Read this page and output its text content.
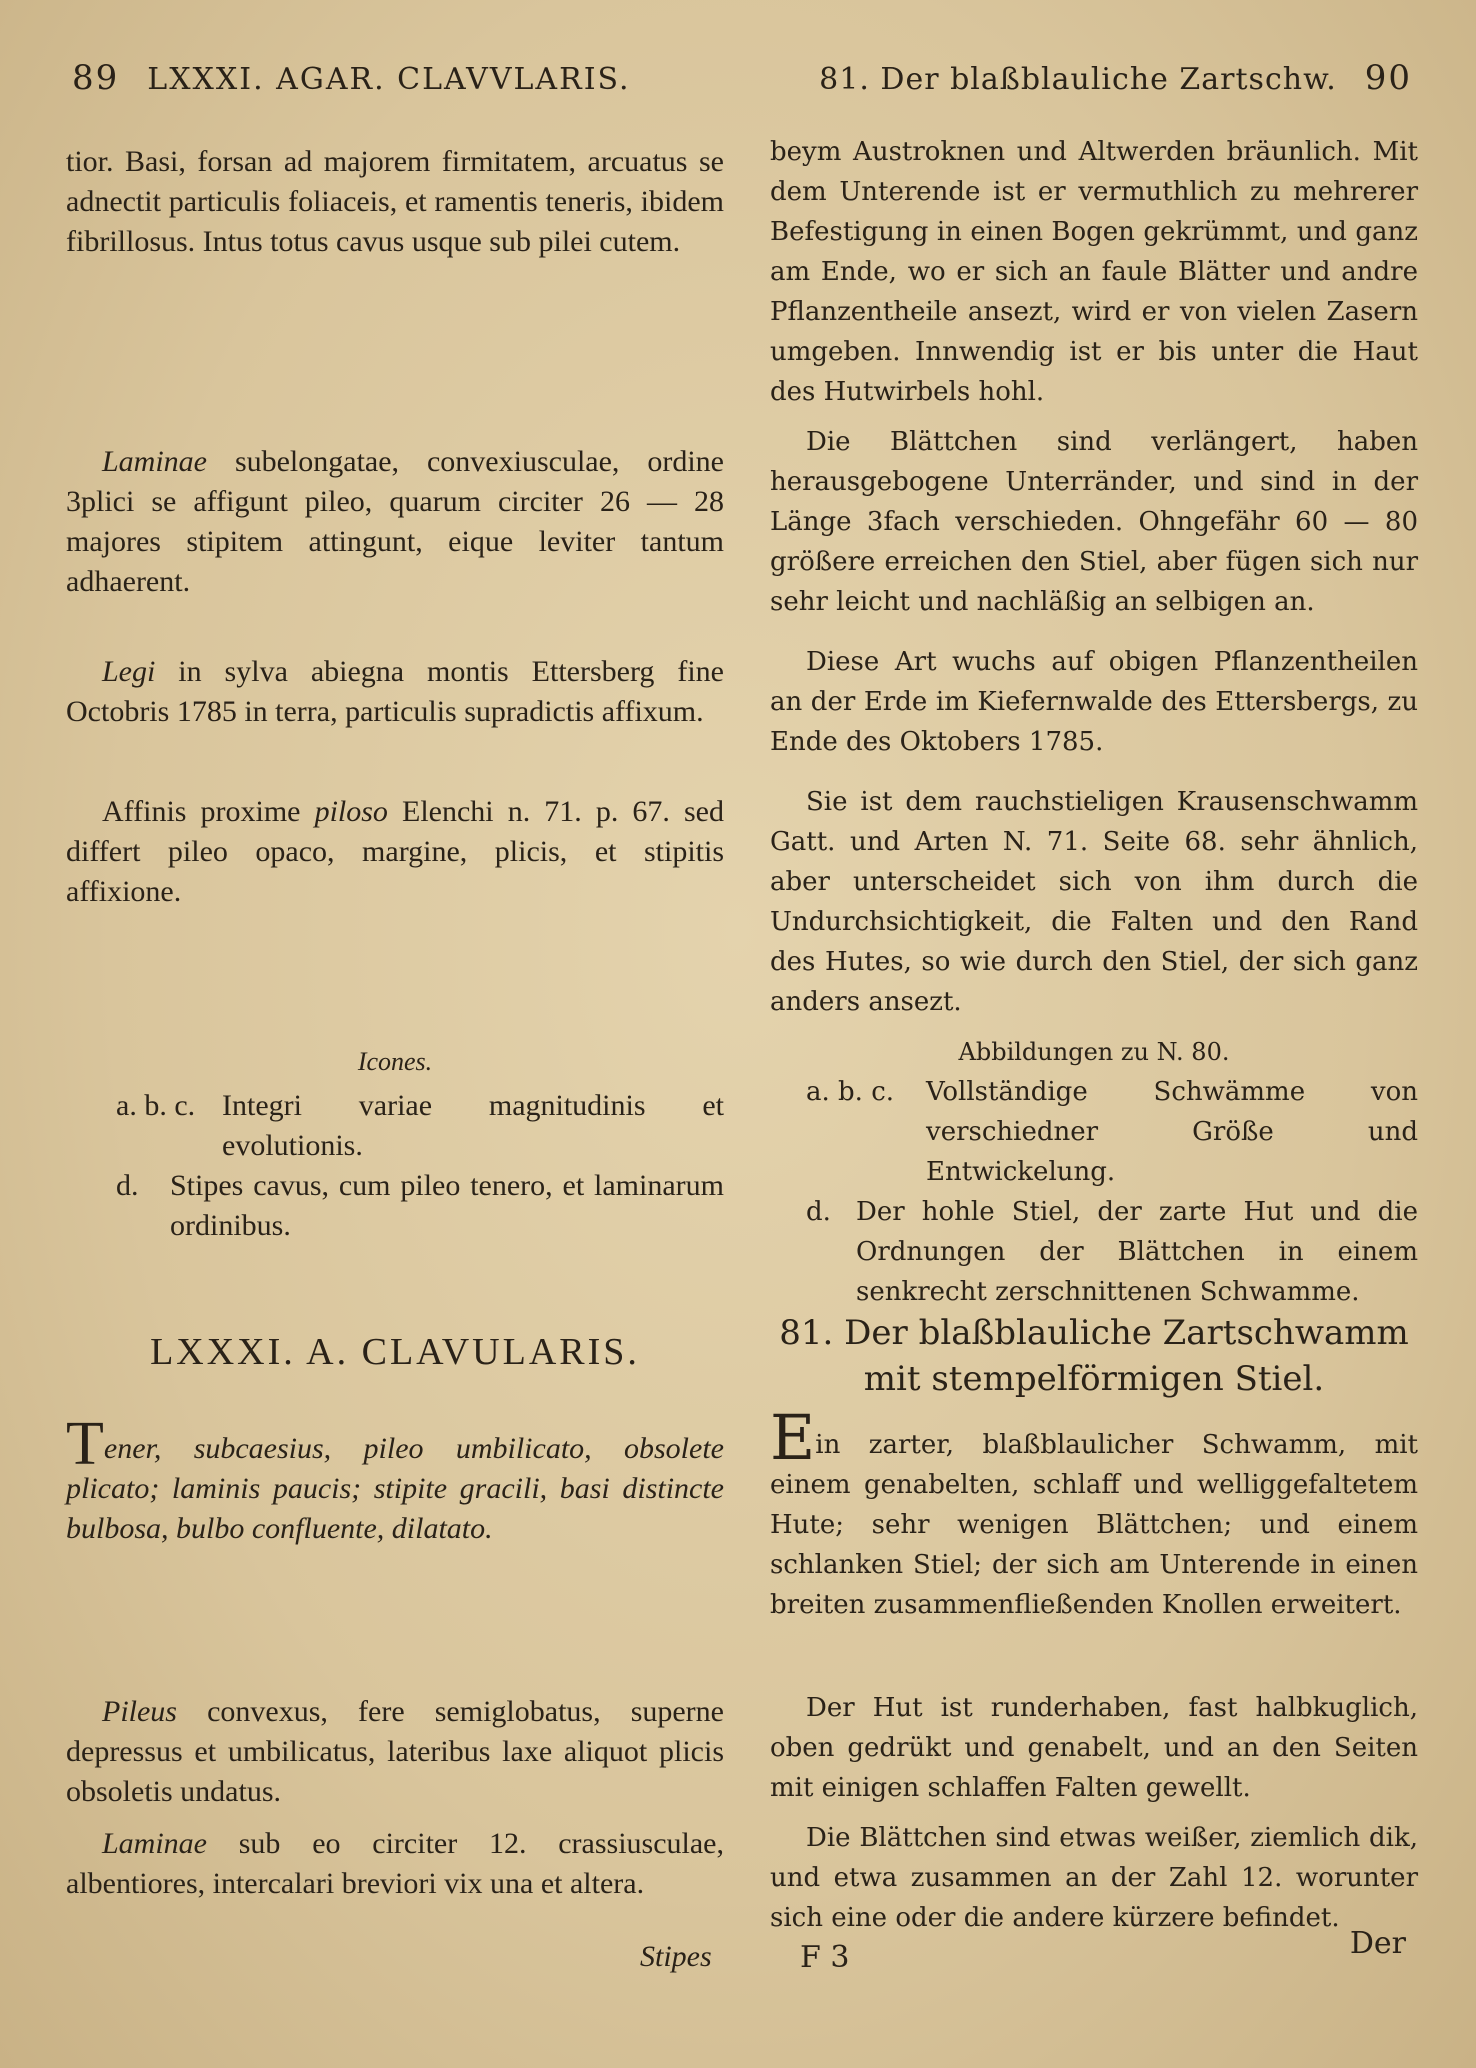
89 LXXXI. AGAR. CLAVVLARIS.	81. Der blaßblauliche Zartschw. 90

tior. Basi, forsan ad majorem firmitatem, arcuatus se adnectit particulis foliaceis, et ramentis teneris, ibidem fibrillosus. Intus totus cavus usque sub pilei cutem.

Laminae subelongatae, convexiusculae, ordine 3plici se affigunt pileo, quarum circiter 26 — 28 majores stipitem attingunt, eique leviter tantum adhaerent.

Legi in sylva abiegna montis Ettersberg fine Octobris 1785 in terra, particulis supradictis affixum.

Affinis proxime piloso Elenchi n. 71. p. 67. sed differt pileo opaco, margine, plicis, et stipitis affixione.

Icones.

a. b. c. Integri variae magnitudinis et evolutionis.
d. Stipes cavus, cum pileo tenero, et laminarum ordinibus.

LXXXI. A. CLAVULARIS.

Tener, subcaesius, pileo umbilicato, obsolete plicato; laminis paucis; stipite gracili, basi distincte bulbosa, bulbo confluente, dilatato.

Pileus convexus, fere semiglobatus, superne depressus et umbilicatus, lateribus laxe aliquot plicis obsoletis undatus.

Laminae sub eo circiter 12. crassiusculae, albentiores, intercalari breviori vix una et altera.

Stipes

beym Austroknen und Altwerden bräunlich. Mit dem Unterende ist er vermuthlich zu mehrerer Befestigung in einen Bogen gekrümmt, und ganz am Ende, wo er sich an faule Blätter und andre Pflanzentheile ansezt, wird er von vielen Zasern umgeben. Innwendig ist er bis unter die Haut des Hutwirbels hohl.

Die Blättchen sind verlängert, haben herausgebogene Unterränder, und sind in der Länge 3fach verschieden. Ohngefähr 60 — 80 größere erreichen den Stiel, aber fügen sich nur sehr leicht und nachläßig an selbigen an.

Diese Art wuchs auf obigen Pflanzentheilen an der Erde im Kiefernwalde des Ettersbergs, zu Ende des Oktobers 1785.

Sie ist dem rauchstieligen Krausenschwamm Gatt. und Arten N. 71. Seite 68. sehr ähnlich, aber unterscheidet sich von ihm durch die Undurchsichtigkeit, die Falten und den Rand des Hutes, so wie durch den Stiel, der sich ganz anders ansezt.

Abbildungen zu N. 80.

a. b. c. Vollständige Schwämme von verschiedner Größe und Entwickelung.
d. Der hohle Stiel, der zarte Hut und die Ordnungen der Blättchen in einem senkrecht zerschnittenen Schwamme.

81. Der blaßblauliche Zartschwamm mit stempelförmigen Stiel.

Ein zarter, blaßblaulicher Schwamm, mit einem genabelten, schlaff und welliggefaltetem Hute; sehr wenigen Blättchen; und einem schlanken Stiel; der sich am Unterende in einen breiten zusammenfließenden Knollen erweitert.

Der Hut ist runderhaben, fast halbkuglich, oben gedrükt und genabelt, und an den Seiten mit einigen schlaffen Falten gewellt.

Die Blättchen sind etwas weißer, ziemlich dik, und etwa zusammen an der Zahl 12. worunter sich eine oder die andere kürzere befindet.

F 3	Der
